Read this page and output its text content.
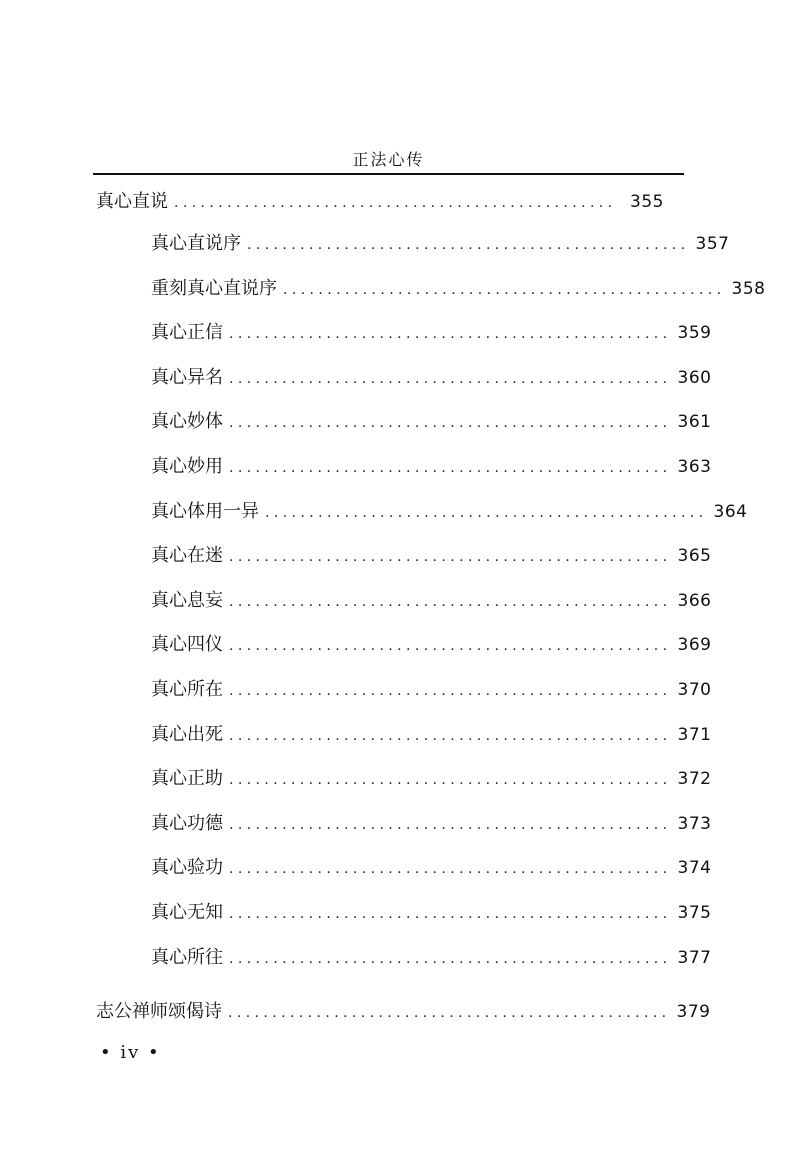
正法心传
真心直说 .................................................. 355
真心直说序 .................................................. 357
重刻真心直说序 .................................................. 358
真心正信 .................................................. 359
真心异名 .................................................. 360
真心妙体 .................................................. 361
真心妙用 .................................................. 363
真心体用一异 .................................................. 364
真心在迷 .................................................. 365
真心息妄 .................................................. 366
真心四仪 .................................................. 369
真心所在 .................................................. 370
真心出死 .................................................. 371
真心正助 .................................................. 372
真心功德 .................................................. 373
真心验功 .................................................. 374
真心无知 .................................................. 375
真心所往 .................................................. 377
志公禅师颂偈诗 .................................................. 379
• iv •
